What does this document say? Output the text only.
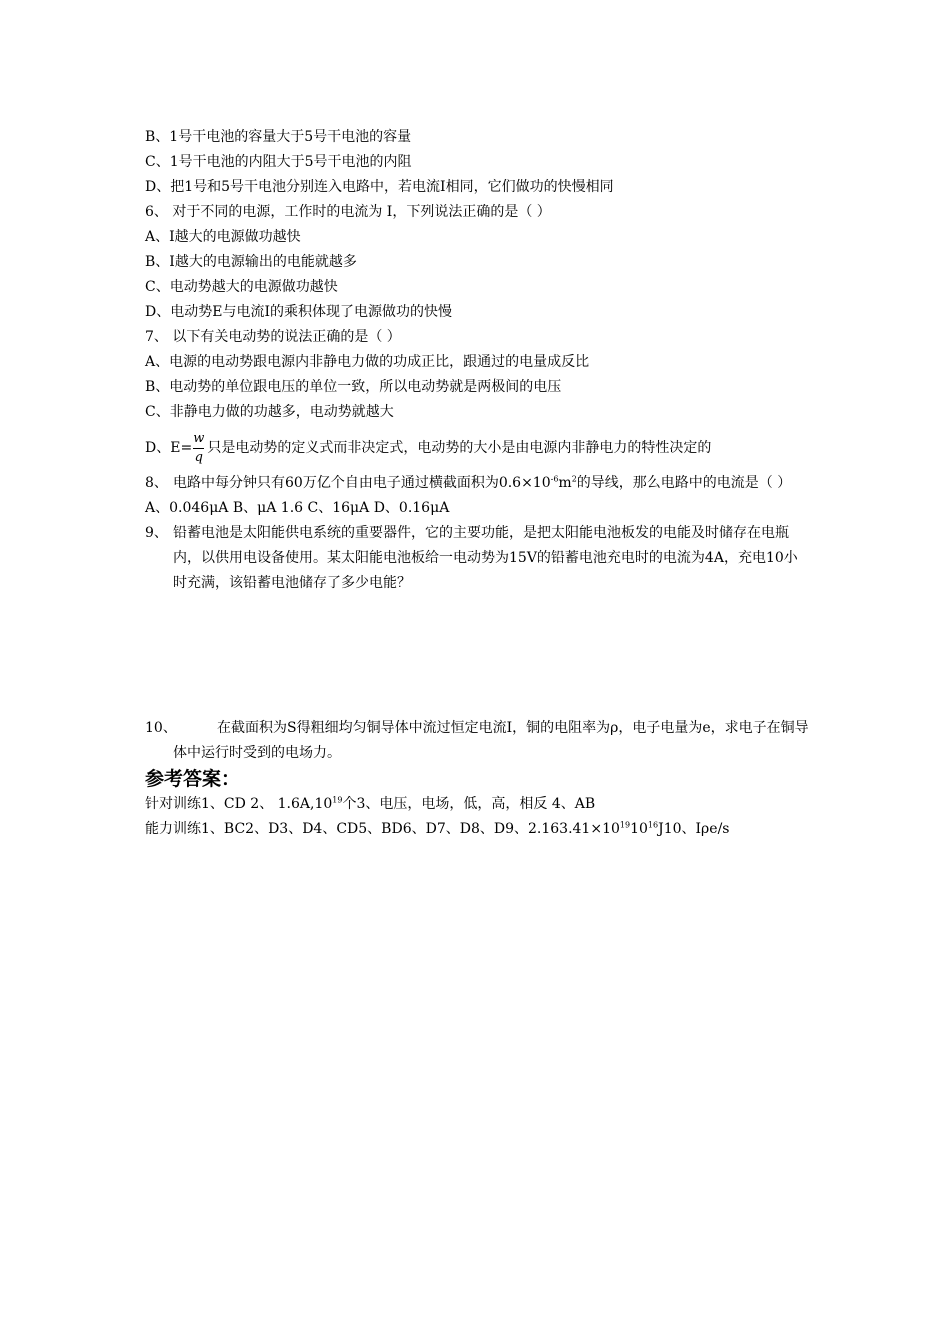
B、1号干电池的容量大于5号干电池的容量
C、1号干电池的内阻大于5号干电池的内阻
D、把1号和5号干电池分别连入电路中，若电流I相同，它们做功的快慢相同
6、 对于不同的电源，工作时的电流为 I，下列说法正确的是（ ）
A、I越大的电源做功越快
B、I越大的电源输出的电能就越多
C、电动势越大的电源做功越快
D、电动势E与电流I的乘积体现了电源做功的快慢
7、 以下有关电动势的说法正确的是（ ）
A、电源的电动势跟电源内非静电力做的功成正比，跟通过的电量成反比
B、电动势的单位跟电压的单位一致，所以电动势就是两极间的电压
C、非静电力做的功越多，电动势就越大
D、$E= \frac{w}{q}$ 只是电动势的定义式而非决定式，电动势的大小是由电源内非静电力的特性决定的
8、 电路中每分钟只有60万亿个自由电子通过横截面积为$0.6\times 10^{-6}m^2$的导线，那么电路中的电流是（ ）
A、0.046μA B、μA 1.6 C、16μA D、0.16μA
9、 铅蓄电池是太阳能供电系统的重要器件，它的主要功能，是把太阳能电池板发的电能及时储存在电瓶内，以供用电设备使用。某太阳能电池板给一电动势为15V的铅蓄电池充电时的电流为4A，充电10小时充满，该铅蓄电池储存了多少电能？
10、	在截面积为S得粗细均匀铜导体中流过恒定电流I，铜的电阻率为ρ，电子电量为e，求电子在铜导体中运行时受到的电场力。
参考答案：
针对训练1、CD 2、 $1.6A,10^{19}$个3、电压，电场，低，高，相反 4、AB
能力训练1、BC2、D3、D4、CD5、BD6、D7、D8、D9、$2.163.41\times 10^{19}10^{16}J10$、Iρe/s
